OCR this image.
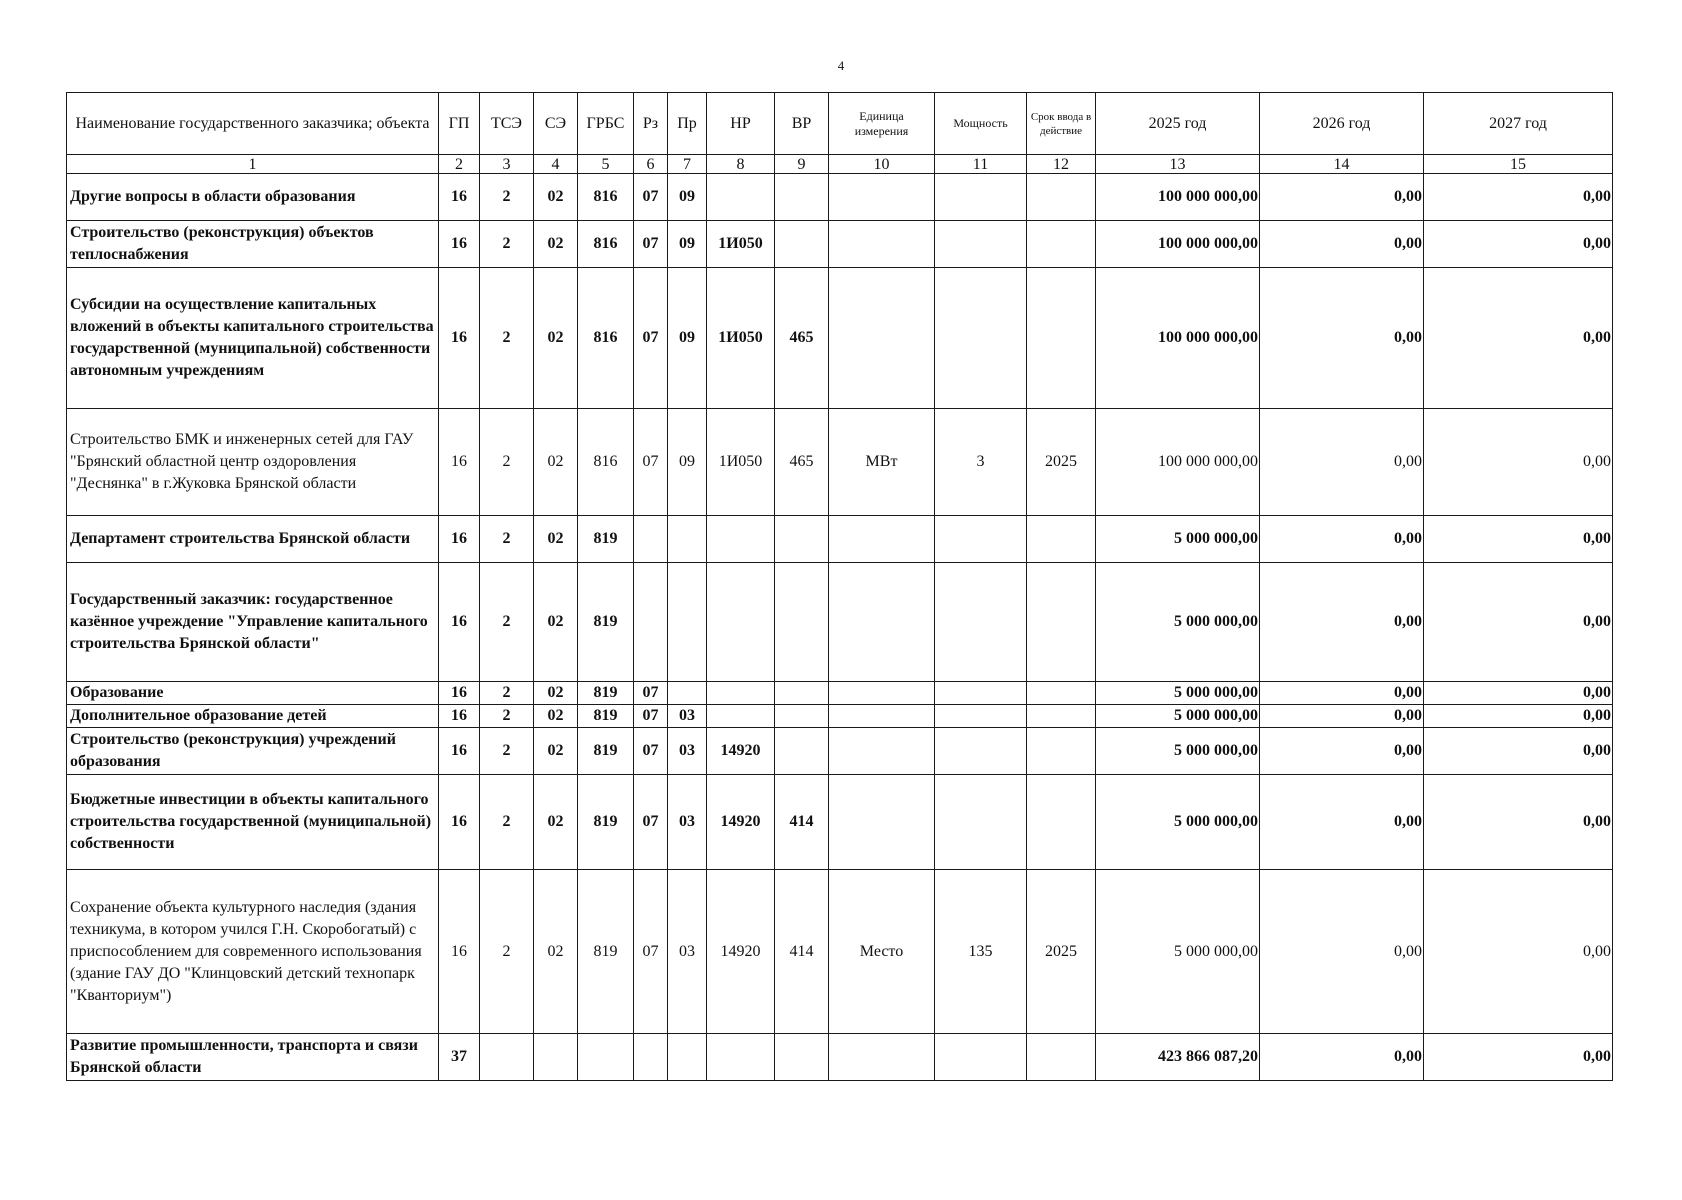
4
Наименование государственного заказчика; объекта	ГП	ТСЭ	СЭ	ГРБС	Рз	Пр	НР	ВР	Единица измерения	Мощность	Срок ввода в действие	2025 год	2026 год	2027 год
1	2	3	4	5	6	7	8	9	10	11	12	13	14	15
Другие вопросы в области образования	16	2	02	816	07	09						100 000 000,00	0,00	0,00
Строительство (реконструкция) объектов теплоснабжения	16	2	02	816	07	09	1И050					100 000 000,00	0,00	0,00
Субсидии на осуществление капитальных вложений в объекты капитального строительства государственной (муниципальной) собственности автономным учреждениям	16	2	02	816	07	09	1И050	465				100 000 000,00	0,00	0,00
Строительство БМК и инженерных сетей для ГАУ "Брянский областной центр оздоровления "Деснянка" в г.Жуковка Брянской области	16	2	02	816	07	09	1И050	465	МВт	3	2025	100 000 000,00	0,00	0,00
Департамент строительства Брянской области	16	2	02	819								5 000 000,00	0,00	0,00
Государственный заказчик: государственное казённое учреждение "Управление капитального строительства Брянской области"	16	2	02	819								5 000 000,00	0,00	0,00
Образование	16	2	02	819	07							5 000 000,00	0,00	0,00
Дополнительное образование детей	16	2	02	819	07	03						5 000 000,00	0,00	0,00
Строительство (реконструкция) учреждений образования	16	2	02	819	07	03	14920					5 000 000,00	0,00	0,00
Бюджетные инвестиции в объекты капитального строительства государственной (муниципальной) собственности	16	2	02	819	07	03	14920	414				5 000 000,00	0,00	0,00
Сохранение объекта культурного наследия (здания техникума, в котором учился Г.Н. Скоробогатый) с приспособлением для современного использования (здание ГАУ ДО "Клинцовский детский технопарк "Кванториум")	16	2	02	819	07	03	14920	414	Место	135	2025	5 000 000,00	0,00	0,00
Развитие промышленности, транспорта и связи Брянской области	37											423 866 087,20	0,00	0,00
